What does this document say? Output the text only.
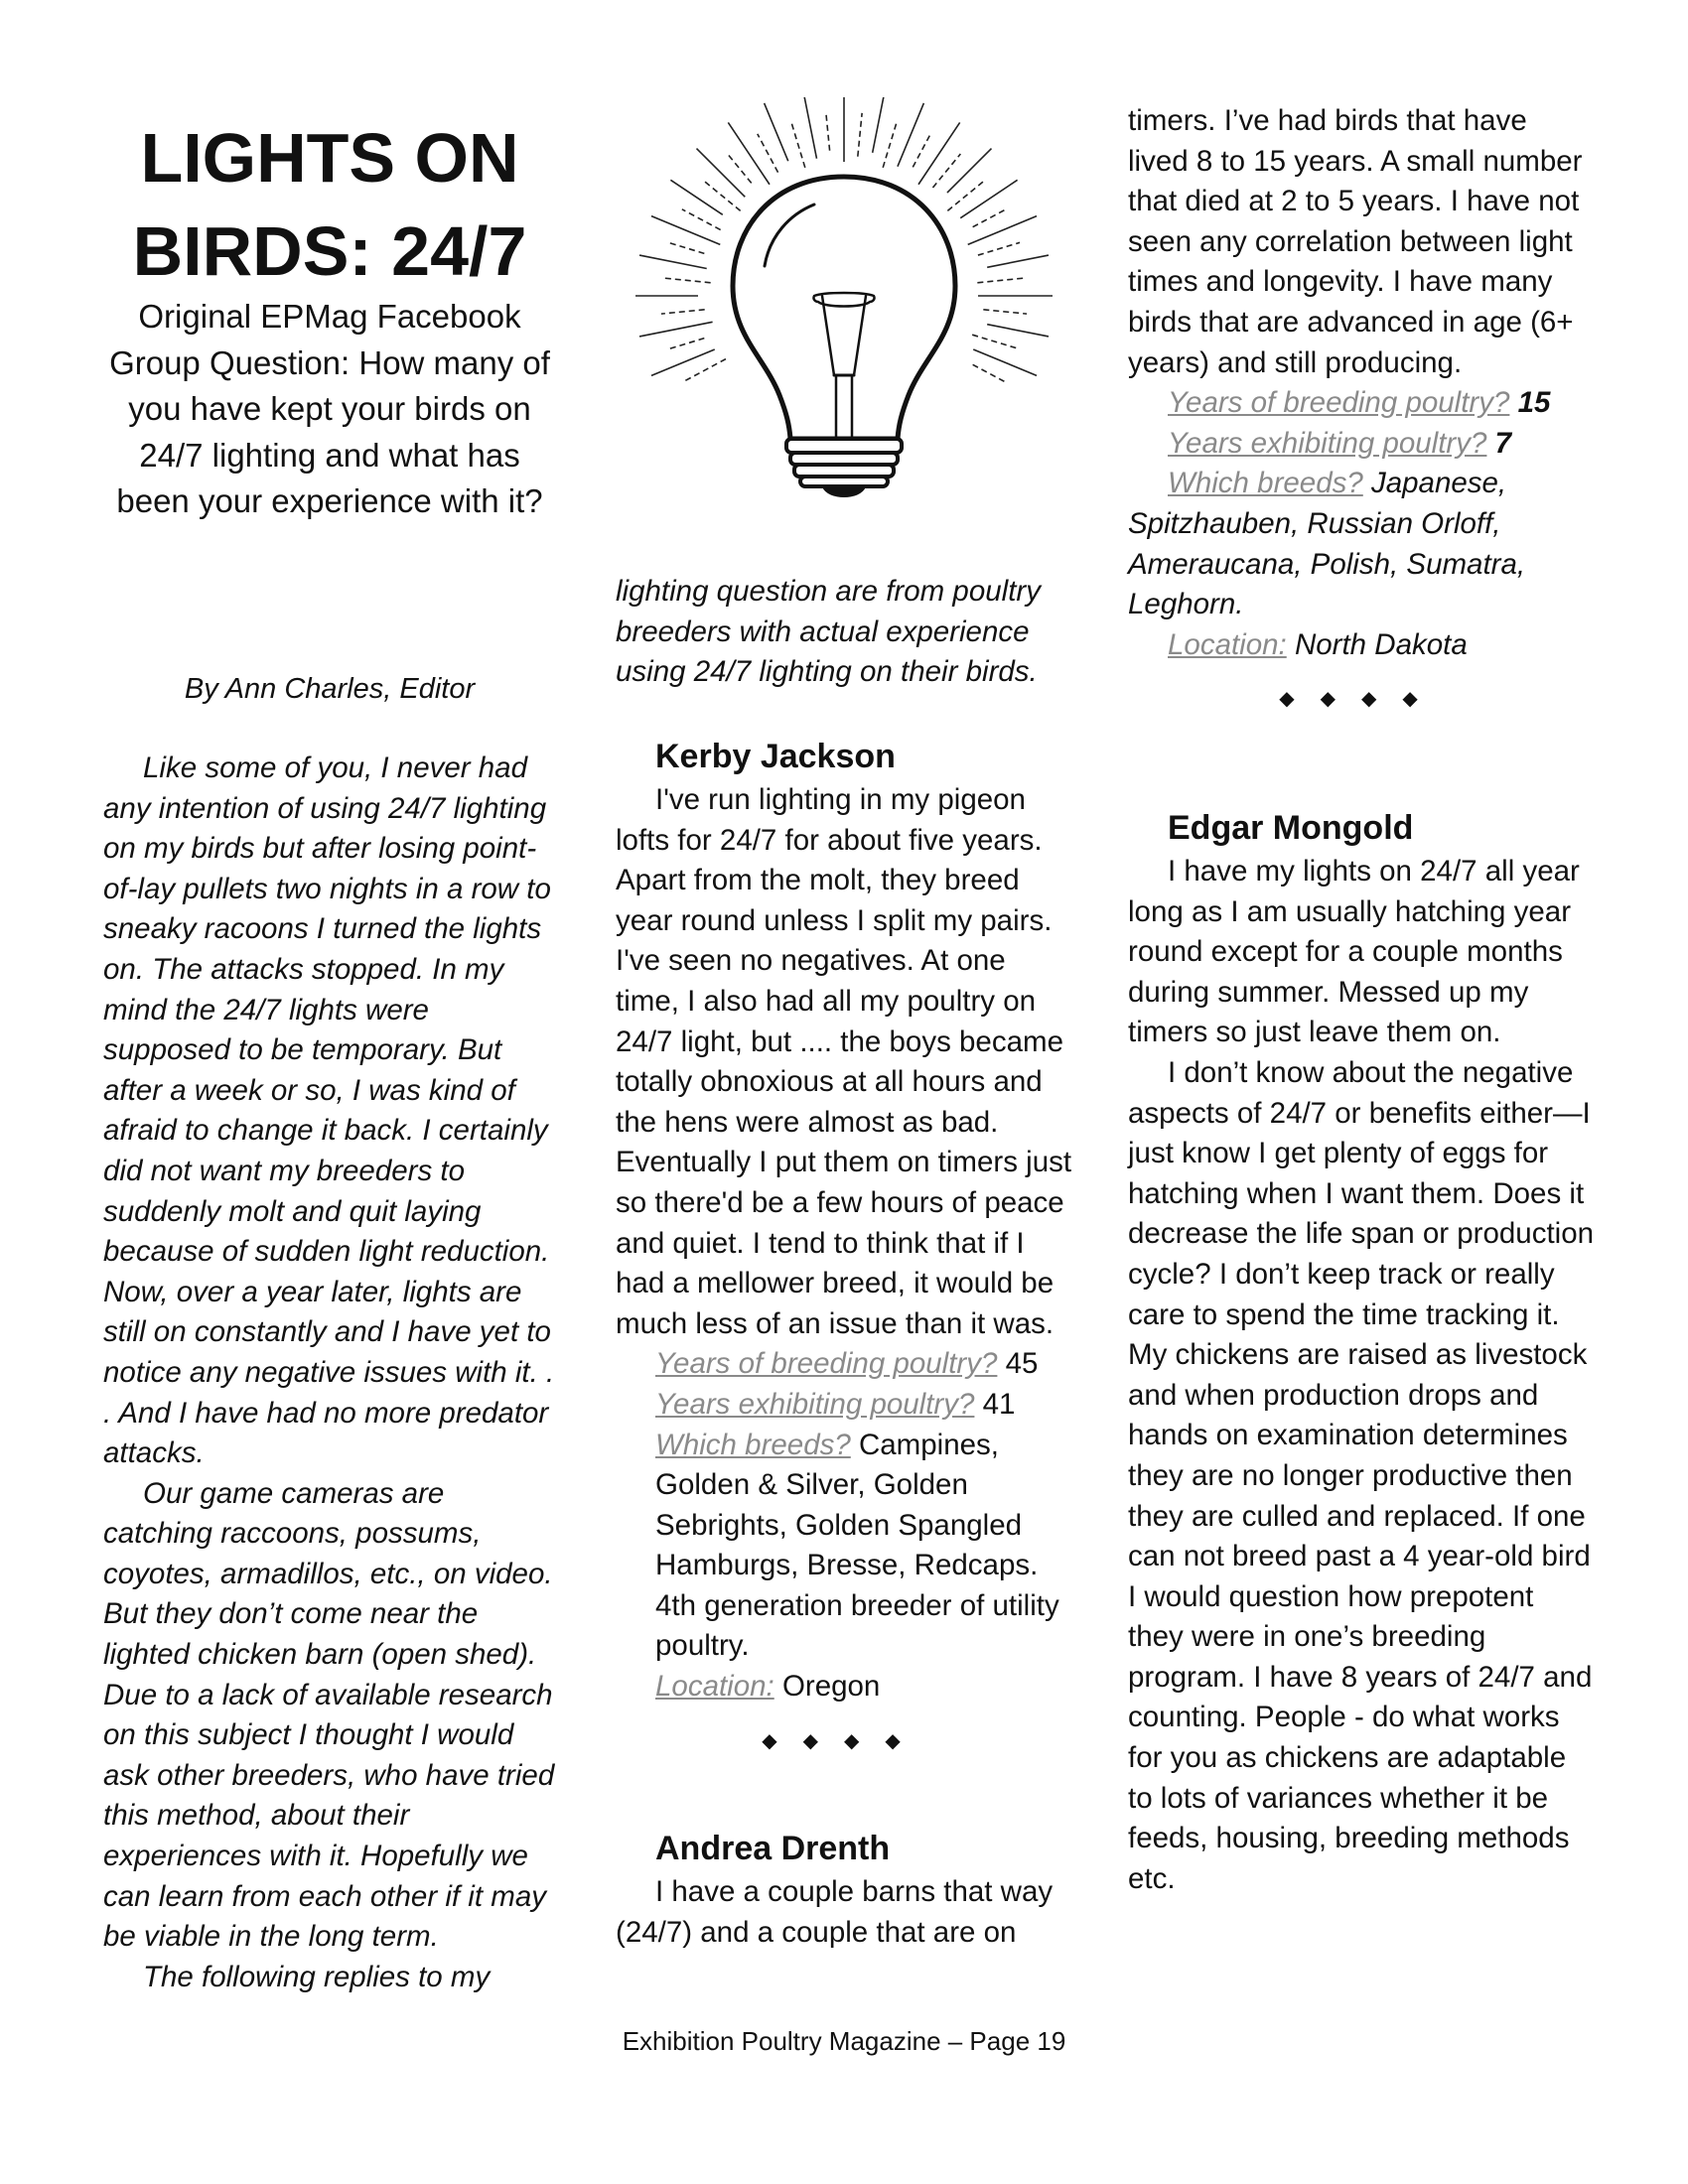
LIGHTS ON
BIRDS: 24/7

Original EPMag Facebook Group Question: How many of you have kept your birds on 24/7 lighting and what has been your experience with it?

By Ann Charles, Editor

Like some of you, I never had any intention of using 24/7 lighting on my birds but after losing point-of-lay pullets two nights in a row to sneaky racoons I turned the lights on. The attacks stopped. In my mind the 24/7 lights were supposed to be temporary. But after a week or so, I was kind of afraid to change it back. I certainly did not want my breeders to suddenly molt and quit laying because of sudden light reduction. Now, over a year later, lights are still on constantly and I have yet to notice any negative issues with it. . . And I have had no more predator attacks.

Our game cameras are catching raccoons, possums, coyotes, armadillos, etc., on video. But they don’t come near the lighted chicken barn (open shed). Due to a lack of available research on this subject I thought I would ask other breeders, who have tried this method, about their experiences with it. Hopefully we can learn from each other if it may be viable in the long term.

The following replies to my

lighting question are from poultry breeders with actual experience using 24/7 lighting on their birds.

Kerby Jackson

I've run lighting in my pigeon lofts for 24/7 for about five years. Apart from the molt, they breed year round unless I split my pairs. I've seen no negatives. At one time, I also had all my poultry on 24/7 light, but .... the boys became totally obnoxious at all hours and the hens were almost as bad. Eventually I put them on timers just so there'd be a few hours of peace and quiet. I tend to think that if I had a mellower breed, it would be much less of an issue than it was.

Years of breeding poultry? 45
Years exhibiting poultry? 41
Which breeds? Campines, Golden & Silver, Golden Sebrights, Golden Spangled Hamburgs, Bresse, Redcaps. 4th generation breeder of utility poultry.
Location: Oregon
◆◆◆◆
Andrea Drenth

I have a couple barns that way (24/7) and a couple that are on

timers. I’ve had birds that have lived 8 to 15 years. A small number that died at 2 to 5 years. I have not seen any correlation between light times and longevity. I have many birds that are advanced in age (6+ years) and still producing.

Years of breeding poultry? 15
Years exhibiting poultry? 7
Which breeds? Japanese, Spitzhauben, Russian Orloff, Ameraucana, Polish, Sumatra, Leghorn.
Location: North Dakota
◆◆◆◆
Edgar Mongold

I have my lights on 24/7 all year long as I am usually hatching year round except for a couple months during summer. Messed up my timers so just leave them on.

I don’t know about the negative aspects of 24/7 or benefits either—I just know I get plenty of eggs for hatching when I want them. Does it decrease the life span or production cycle? I don’t keep track or really care to spend the time tracking it. My chickens are raised as livestock and when production drops and hands on examination determines they are no longer productive then they are culled and replaced. If one can not breed past a 4 year-old bird I would question how prepotent they were in one’s breeding program. I have 8 years of 24/7 and counting. People - do what works for you as chickens are adaptable to lots of variances whether it be feeds, housing, breeding methods etc.

Exhibition Poultry Magazine – Page 19
